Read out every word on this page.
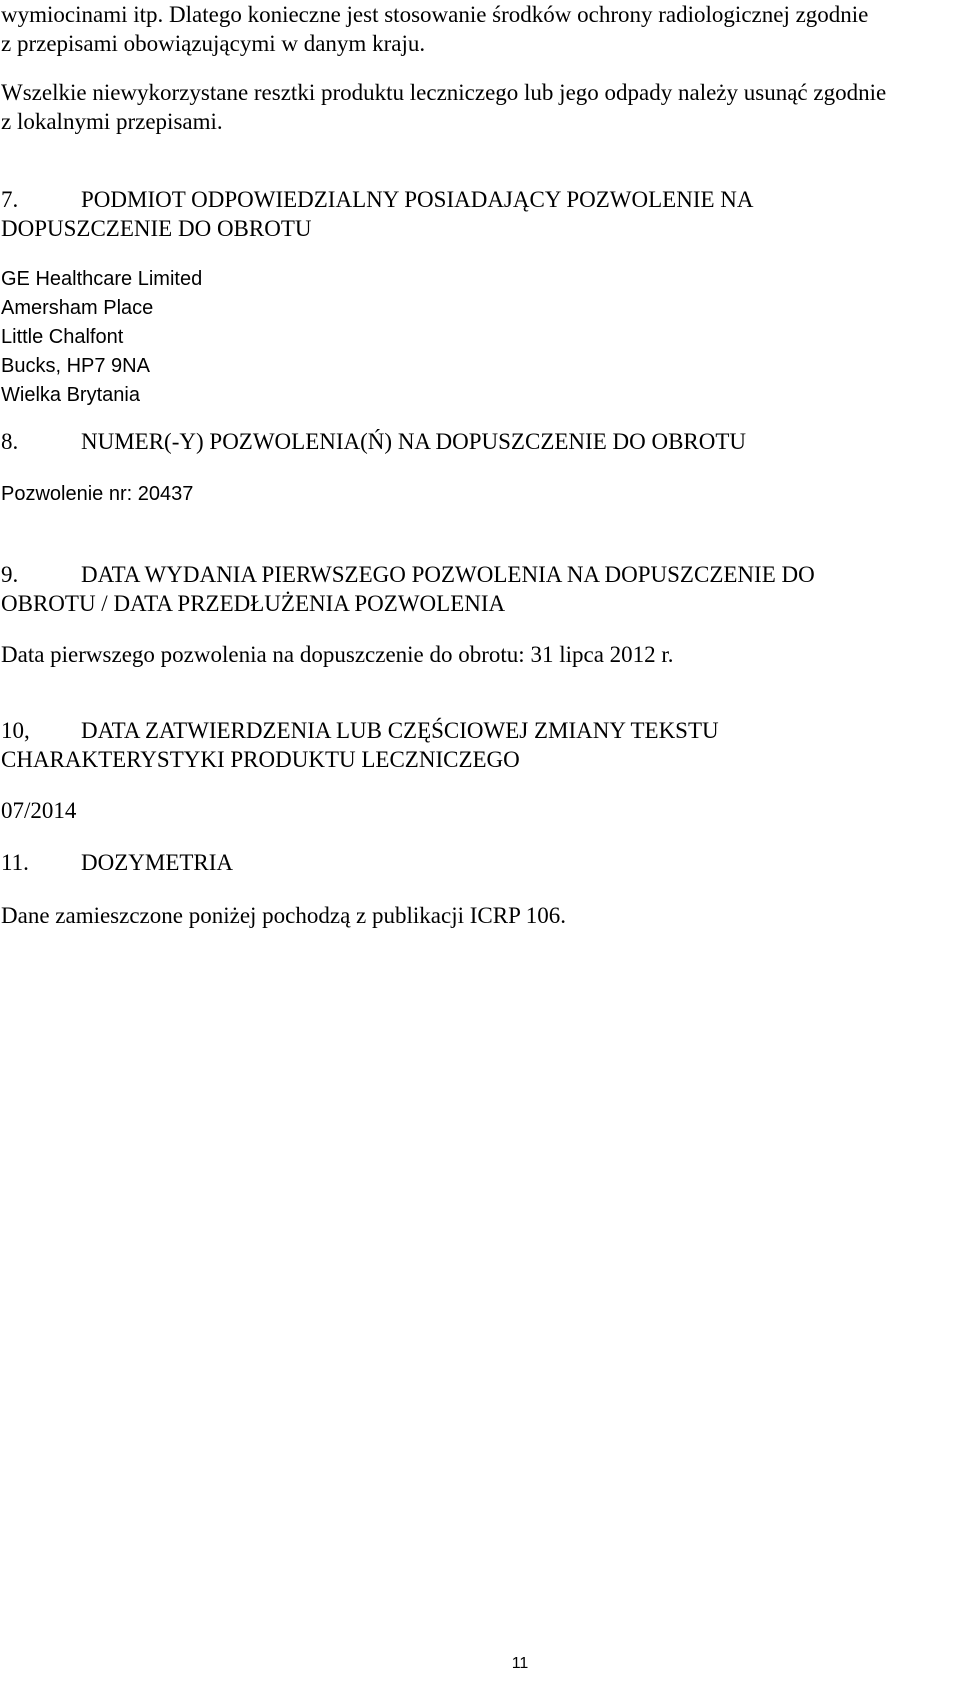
wymiocinami itp. Dlatego konieczne jest stosowanie środków ochrony radiologicznej zgodnie
z przepisami obowiązującymi w danym kraju.

Wszelkie niewykorzystane resztki produktu leczniczego lub jego odpady należy usunąć zgodnie
z lokalnymi przepisami.

7.	PODMIOT ODPOWIEDZIALNY POSIADAJĄCY POZWOLENIE NA
DOPUSZCZENIE DO OBROTU
GE Healthcare Limited
Amersham Place
Little Chalfont
Bucks, HP7 9NA
Wielka Brytania
8.	NUMER(-Y) POZWOLENIA(Ń) NA DOPUSZCZENIE DO OBROTU
Pozwolenie nr: 20437
9.	DATA WYDANIA PIERWSZEGO POZWOLENIA NA DOPUSZCZENIE DO
OBROTU / DATA PRZEDŁUŻENIA POZWOLENIA
Data pierwszego pozwolenia na dopuszczenie do obrotu: 31 lipca 2012 r.
10, DATA ZATWIERDZENIA LUB CZĘŚCIOWEJ ZMIANY TEKSTU
CHARAKTERYSTYKI PRODUKTU LECZNICZEGO
07/2014
11. DOZYMETRIA
Dane zamieszczone poniżej pochodzą z publikacji ICRP 106.
11
